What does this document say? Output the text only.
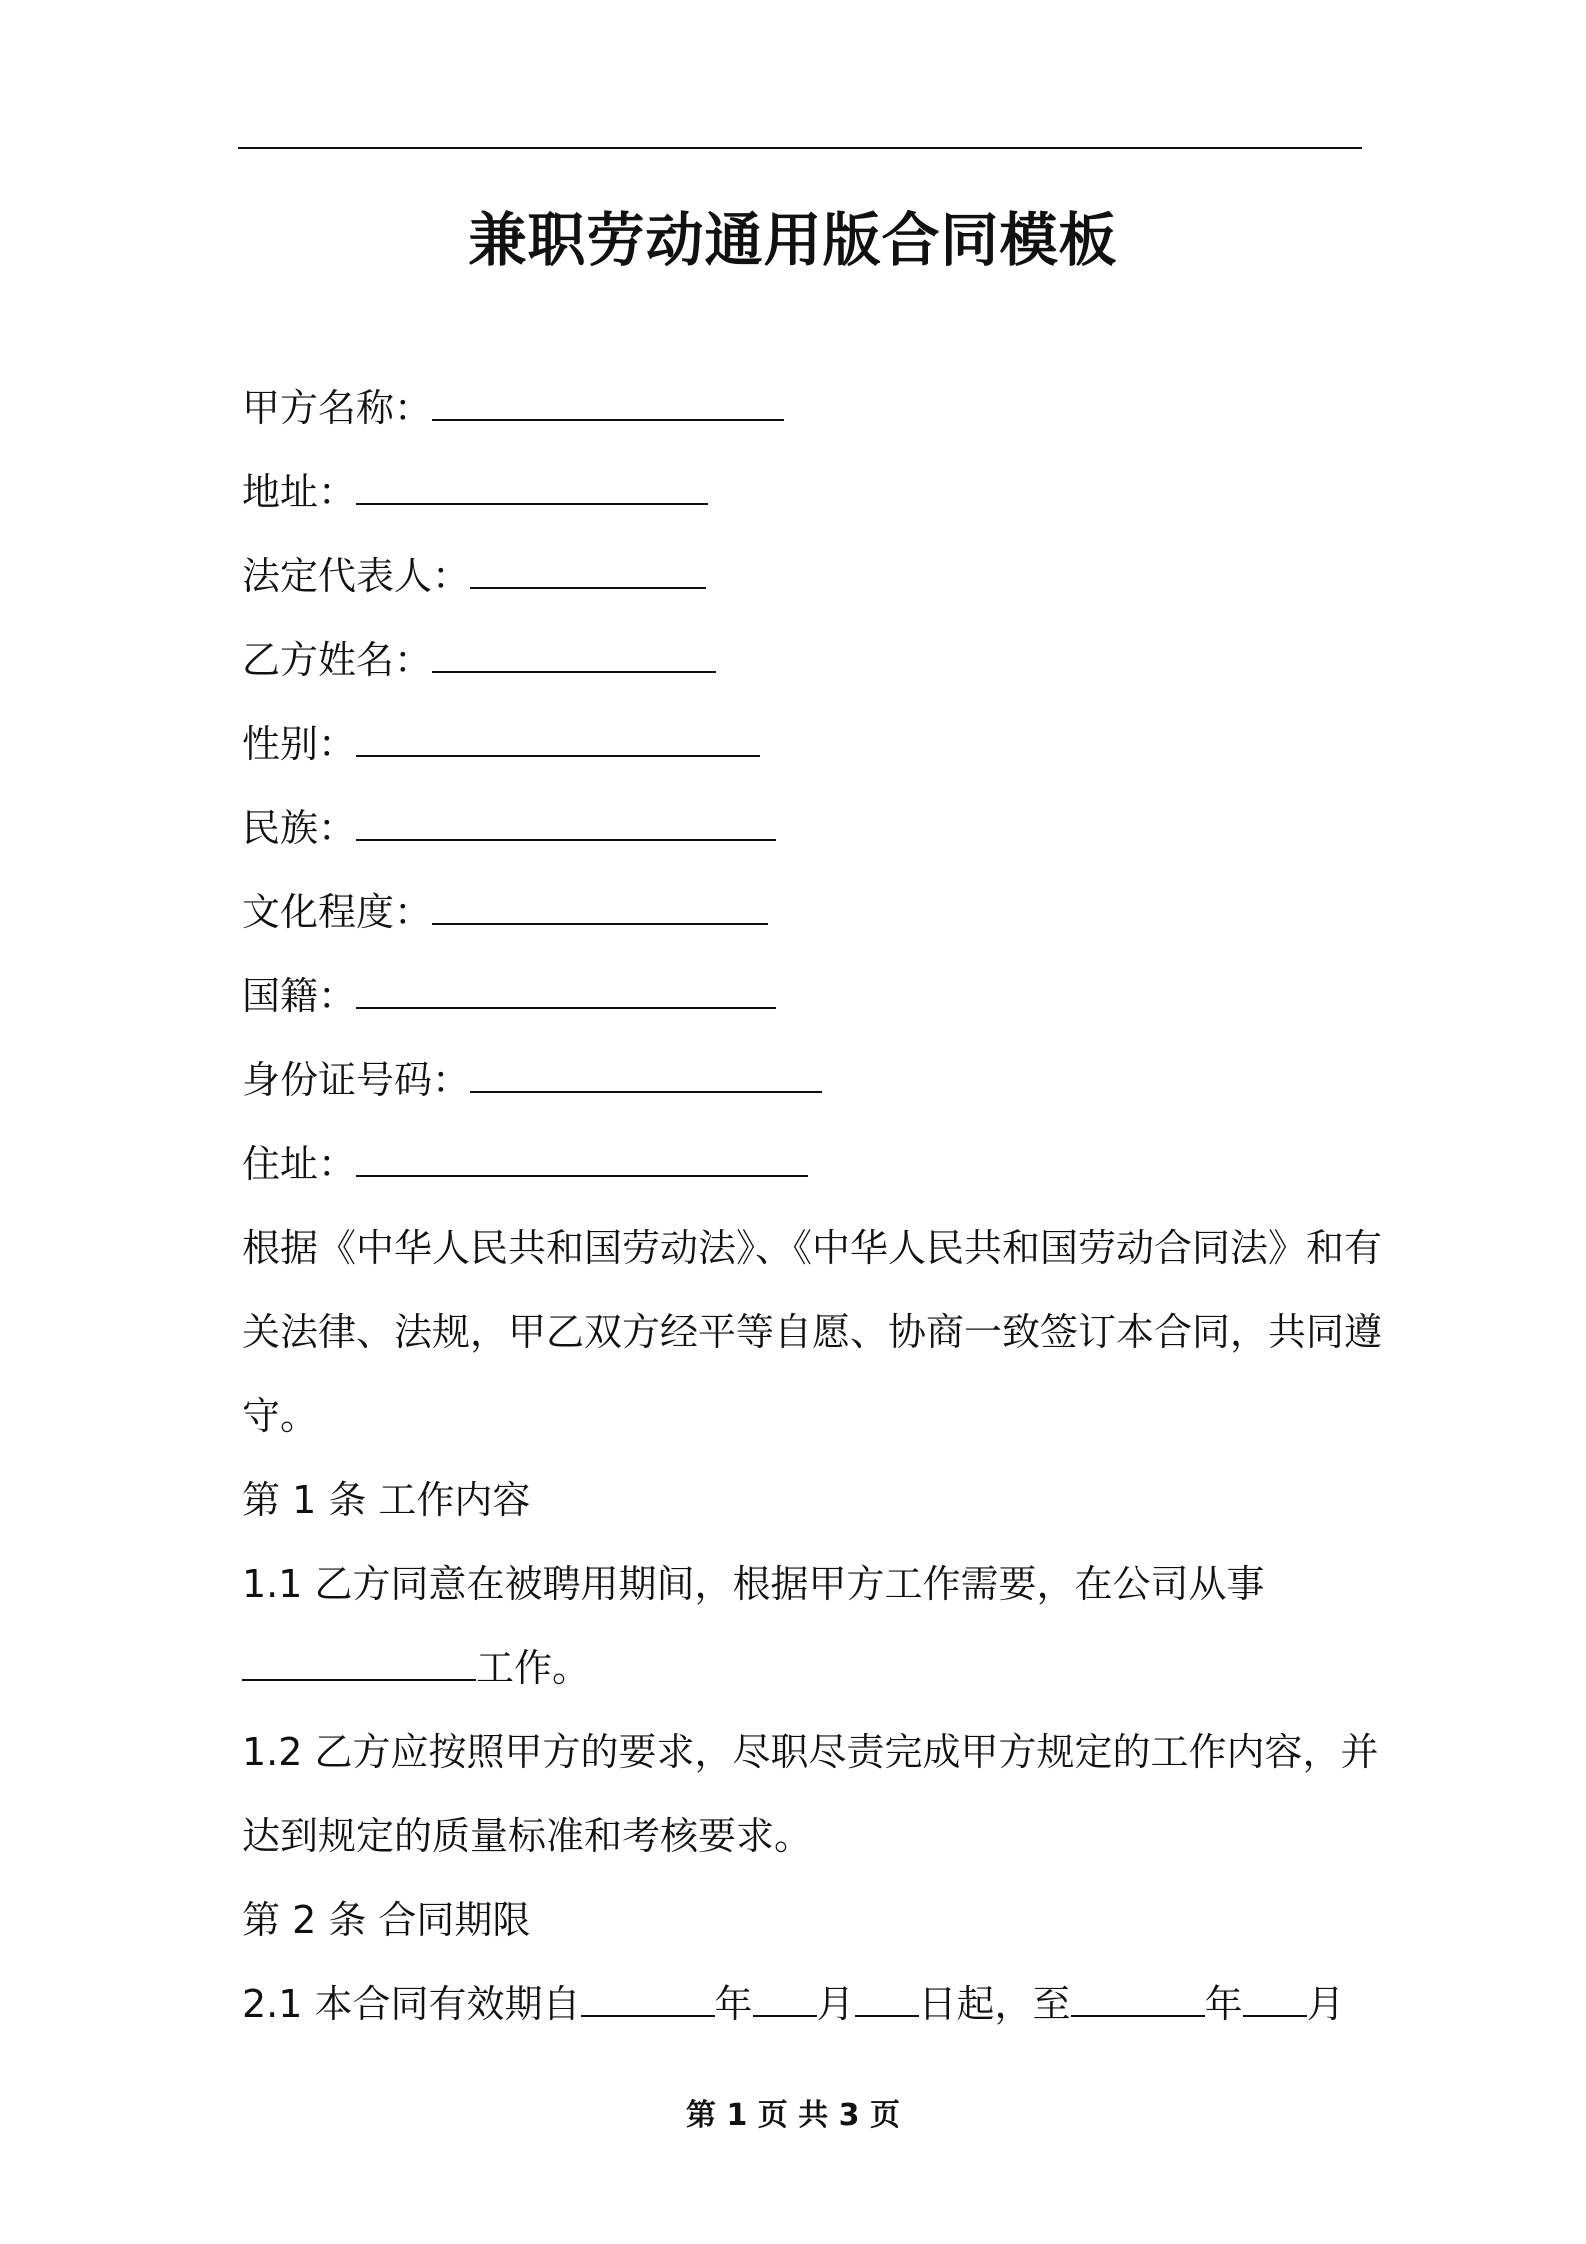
兼职劳动通用版合同模板
甲方名称：
地址：
法定代表人：
乙方姓名：
性别：
民族：
文化程度：
国籍：
身份证号码：
住址：
根据《中华人民共和国劳动法》、《中华人民共和国劳动合同法》和有
关法律、法规，甲乙双方经平等自愿、协商一致签订本合同，共同遵
守。
第 1 条 工作内容
1.1 乙方同意在被聘用期间，根据甲方工作需要，在公司从事
工作。
1.2 乙方应按照甲方的要求，尽职尽责完成甲方规定的工作内容，并
达到规定的质量标准和考核要求。
第 2 条 合同期限
2.1 本合同有效期自	年 月 日起，至	年 月
第 1 页 共 3 页
